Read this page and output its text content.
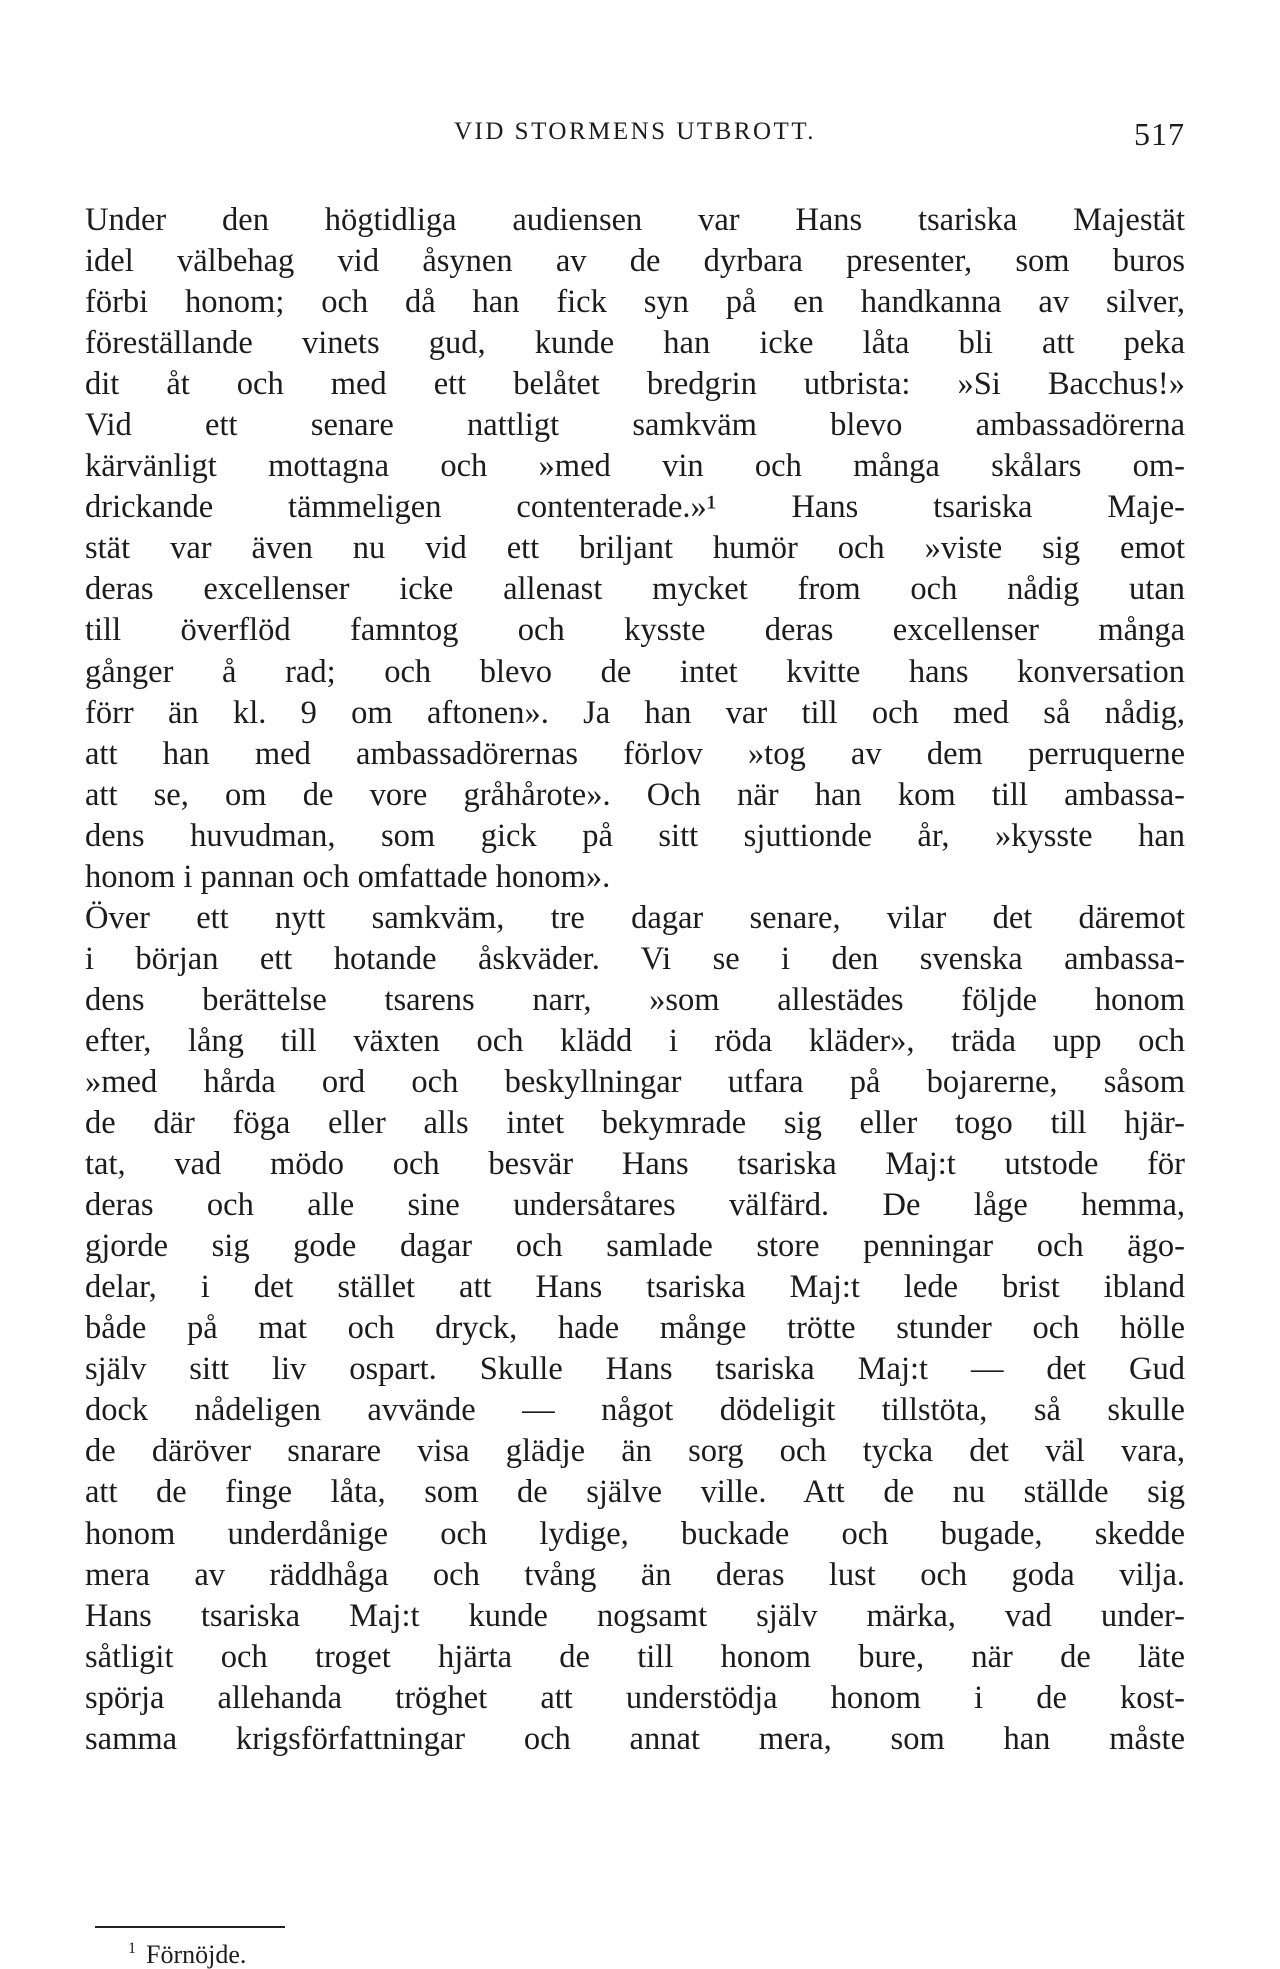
VID STORMENS UTBROTT.	517
Under den högtidliga audiensen var Hans tsariska Majestät
idel välbehag vid åsynen av de dyrbara presenter, som buros
förbi honom; och då han fick syn på en handkanna av silver,
föreställande vinets gud, kunde han icke låta bli att peka
dit åt och med ett belåtet bredgrin utbrista: »Si Bacchus!»
Vid ett senare nattligt samkväm blevo ambassadörerna
kärvänligt mottagna och »med vin och många skålars om-
drickande tämmeligen contenterade.»¹ Hans tsariska Maje-
stät var även nu vid ett briljant humör och »viste sig emot
deras excellenser icke allenast mycket from och nådig utan
till överflöd famntog och kysste deras excellenser många
gånger å rad; och blevo de intet kvitte hans konversation
förr än kl. 9 om aftonen». Ja han var till och med så nådig,
att han med ambassadörernas förlov »tog av dem perruquerne
att se, om de vore gråhårote». Och när han kom till ambassa-
dens huvudman, som gick på sitt sjuttionde år, »kysste han
honom i pannan och omfattade honom».
Över ett nytt samkväm, tre dagar senare, vilar det däremot
i början ett hotande åskväder. Vi se i den svenska ambassa-
dens berättelse tsarens narr, »som allestädes följde honom
efter, lång till växten och klädd i röda kläder», träda upp och
»med hårda ord och beskyllningar utfara på bojarerne, såsom
de där föga eller alls intet bekymrade sig eller togo till hjär-
tat, vad mödo och besvär Hans tsariska Maj:t utstode för
deras och alle sine undersåtares välfärd. De låge hemma,
gjorde sig gode dagar och samlade store penningar och ägo-
delar, i det stället att Hans tsariska Maj:t lede brist ibland
både på mat och dryck, hade månge trötte stunder och hölle
själv sitt liv ospart. Skulle Hans tsariska Maj:t — det Gud
dock nådeligen avvände — något dödeligit tillstöta, så skulle
de däröver snarare visa glädje än sorg och tycka det väl vara,
att de finge låta, som de själve ville. Att de nu ställde sig
honom underdånige och lydige, buckade och bugade, skedde
mera av räddhåga och tvång än deras lust och goda vilja.
Hans tsariska Maj:t kunde nogsamt själv märka, vad under-
såtligit och troget hjärta de till honom bure, när de läte
spörja allehanda tröghet att understödja honom i de kost-
samma krigsförfattningar och annat mera, som han måste
$^1$ Förnöjde.
